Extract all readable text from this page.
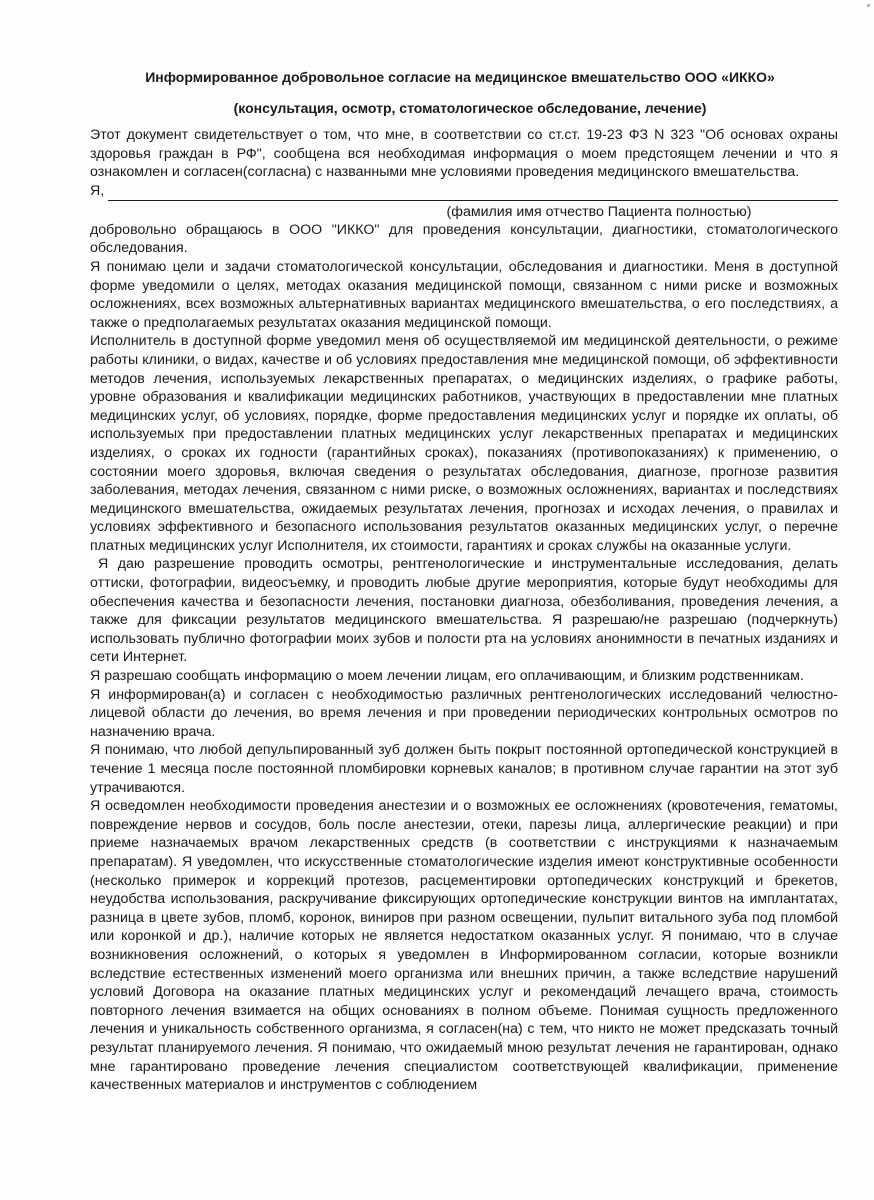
Информированное добровольное согласие на медицинское вмешательство ООО «ИККО»
(консультация, осмотр, стоматологическое обследование, лечение)

Этот документ свидетельствует о том, что мне, в соответствии со ст.ст. 19-23 ФЗ N 323 "Об основах охраны здоровья граждан в РФ", сообщена вся необходимая информация о моем предстоящем лечении и что я ознакомлен и согласен(согласна) с названными мне условиями проведения медицинского вмешательства.

Я,
(фамилия имя отчество Пациента полностью)

добровольно обращаюсь в ООО "ИККО" для проведения консультации, диагностики, стоматологического обследования.

Я понимаю цели и задачи стоматологической консультации, обследования и диагностики. Меня в доступной форме уведомили о целях, методах оказания медицинской помощи, связанном с ними риске и возможных осложнениях, всех возможных альтернативных вариантах медицинского вмешательства, о его последствиях, а также о предполагаемых результатах оказания медицинской помощи.

Исполнитель в доступной форме уведомил меня об осуществляемой им медицинской деятельности, о режиме работы клиники, о видах, качестве и об условиях предоставления мне медицинской помощи, об эффективности методов лечения, используемых лекарственных препаратах, о медицинских изделиях, о графике работы, уровне образования и квалификации медицинских работников, участвующих в предоставлении мне платных медицинских услуг, об условиях, порядке, форме предоставления медицинских услуг и порядке их оплаты, об используемых при предоставлении платных медицинских услуг лекарственных препаратах и медицинских изделиях, о сроках их годности (гарантийных сроках), показаниях (противопоказаниях) к применению, о состоянии моего здоровья, включая сведения о результатах обследования, диагнозе, прогнозе развития заболевания, методах лечения, связанном с ними риске, о возможных осложнениях, вариантах и последствиях медицинского вмешательства, ожидаемых результатах лечения, прогнозах и исходах лечения, о правилах и условиях эффективного и безопасного использования результатов оказанных медицинских услуг, о перечне платных медицинских услуг Исполнителя, их стоимости, гарантиях и сроках службы на оказанные услуги.

Я даю разрешение проводить осмотры, рентгенологические и инструментальные исследования, делать оттиски, фотографии, видеосъемку, и проводить любые другие мероприятия, которые будут необходимы для обеспечения качества и безопасности лечения, постановки диагноза, обезболивания, проведения лечения, а также для фиксации результатов медицинского вмешательства. Я разрешаю/не разрешаю (подчеркнуть) использовать публично фотографии моих зубов и полости рта на условиях анонимности в печатных изданиях и сети Интернет.

Я разрешаю сообщать информацию о моем лечении лицам, его оплачивающим, и близким родственникам.

Я информирован(а) и согласен с необходимостью различных рентгенологических исследований челюстно-лицевой области до лечения, во время лечения и при проведении периодических контрольных осмотров по назначению врача.

Я понимаю, что любой депульпированный зуб должен быть покрыт постоянной ортопедической конструкцией в течение 1 месяца после постоянной пломбировки корневых каналов; в противном случае гарантии на этот зуб утрачиваются.

Я осведомлен необходимости проведения анестезии и о возможных ее осложнениях (кровотечения, гематомы, повреждение нервов и сосудов, боль после анестезии, отеки, парезы лица, аллергические реакции) и при приеме назначаемых врачом лекарственных средств (в соответствии с инструкциями к назначаемым препаратам). Я уведомлен, что искусственные стоматологические изделия имеют конструктивные особенности (несколько примерок и коррекций протезов, расцементировки ортопедических конструкций и брекетов, неудобства использования, раскручивание фиксирующих ортопедические конструкции винтов на имплантатах, разница в цвете зубов, пломб, коронок, виниров при разном освещении, пульпит витального зуба под пломбой или коронкой и др.), наличие которых не является недостатком оказанных услуг. Я понимаю, что в случае возникновения осложнений, о которых я уведомлен в Информированном согласии, которые возникли вследствие естественных изменений моего организма или внешних причин, а также вследствие нарушений условий Договора на оказание платных медицинских услуг и рекомендаций лечащего врача, стоимость повторного лечения взимается на общих основаниях в полном объеме. Понимая сущность предложенного лечения и уникальность собственного организма, я согласен(на) с тем, что никто не может предсказать точный результат планируемого лечения. Я понимаю, что ожидаемый мною результат лечения не гарантирован, однако мне гарантировано проведение лечения специалистом соответствующей квалификации, применение качественных материалов и инструментов с соблюдением
